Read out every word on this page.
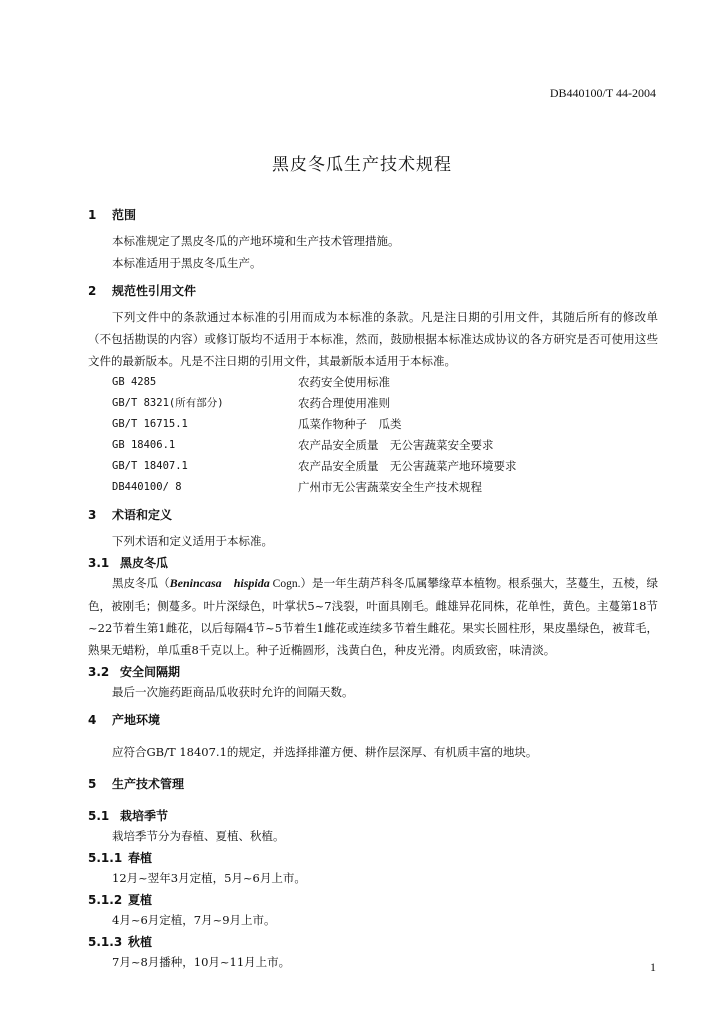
DB440100/T 44-2004
黑皮冬瓜生产技术规程
1 范围
本标准规定了黑皮冬瓜的产地环境和生产技术管理措施。
本标准适用于黑皮冬瓜生产。
2 规范性引用文件
下列文件中的条款通过本标准的引用而成为本标准的条款。凡是注日期的引用文件，其随后所有的修改单（不包括勘误的内容）或修订版均不适用于本标准，然而，鼓励根据本标准达成协议的各方研究是否可使用这些文件的最新版本。凡是不注日期的引用文件，其最新版本适用于本标准。
GB 4285	农药安全使用标准
GB/T 8321(所有部分)	农药合理使用准则
GB/T 16715.1	瓜菜作物种子　瓜类
GB 18406.1	农产品安全质量　无公害蔬菜安全要求
GB/T 18407.1	农产品安全质量　无公害蔬菜产地环境要求
DB440100/ 8	广州市无公害蔬菜安全生产技术规程
3 术语和定义
下列术语和定义适用于本标准。
3.1 黑皮冬瓜
黑皮冬瓜（Benincasa　hispida Cogn.）是一年生葫芦科冬瓜属攀缘草本植物。根系强大，茎蔓生，五棱，绿色，被刚毛；侧蔓多。叶片深绿色，叶掌状5~7浅裂，叶面具刚毛。雌雄异花同株，花单性，黄色。主蔓第18节~22节着生第1雌花，以后每隔4节~5节着生1雌花或连续多节着生雌花。果实长圆柱形，果皮墨绿色，被茸毛，熟果无蜡粉，单瓜重8千克以上。种子近椭圆形，浅黄白色，种皮光滑。肉质致密，味清淡。
3.2 安全间隔期
最后一次施药距商品瓜收获时允许的间隔天数。
4 产地环境
应符合GB/T 18407.1的规定，并选择排灌方便、耕作层深厚、有机质丰富的地块。
5 生产技术管理
5.1 栽培季节
栽培季节分为春植、夏植、秋植。
5.1.1 春植
12月~翌年3月定植，5月~6月上市。
5.1.2 夏植
4月~6月定植，7月~9月上市。
5.1.3 秋植
7月~8月播种，10月~11月上市。	1
